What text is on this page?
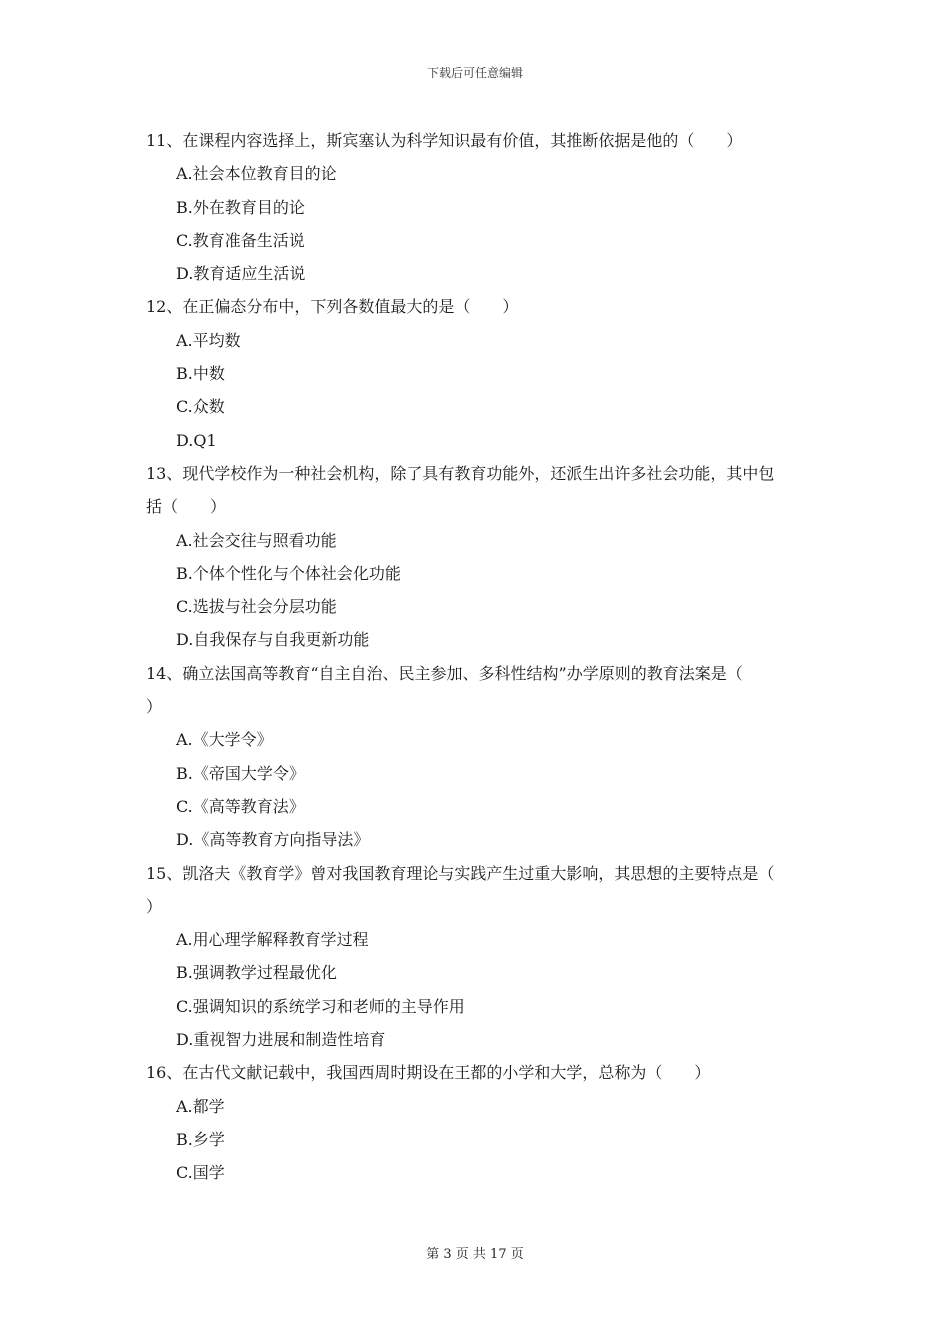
下载后可任意编辑
11、在课程内容选择上，斯宾塞认为科学知识最有价值，其推断依据是他的（　　）
A.社会本位教育目的论
B.外在教育目的论
C.教育准备生活说
D.教育适应生活说
12、在正偏态分布中，下列各数值最大的是（　　）
A.平均数
B.中数
C.众数
D.Q1
13、现代学校作为一种社会机构，除了具有教育功能外，还派生出许多社会功能，其中包
括（　　）
A.社会交往与照看功能
B.个体个性化与个体社会化功能
C.选拔与社会分层功能
D.自我保存与自我更新功能
14、确立法国高等教育“自主自治、民主参加、多科性结构”办学原则的教育法案是（
）
A.《大学令》
B.《帝国大学令》
C.《高等教育法》
D.《高等教育方向指导法》
15、凯洛夫《教育学》曾对我国教育理论与实践产生过重大影响，其思想的主要特点是（
）
A.用心理学解释教育学过程
B.强调教学过程最优化
C.强调知识的系统学习和老师的主导作用
D.重视智力进展和制造性培育
16、在古代文献记载中，我国西周时期设在王都的小学和大学，总称为（　　）
A.都学
B.乡学
C.国学
第 3 页 共 17 页
